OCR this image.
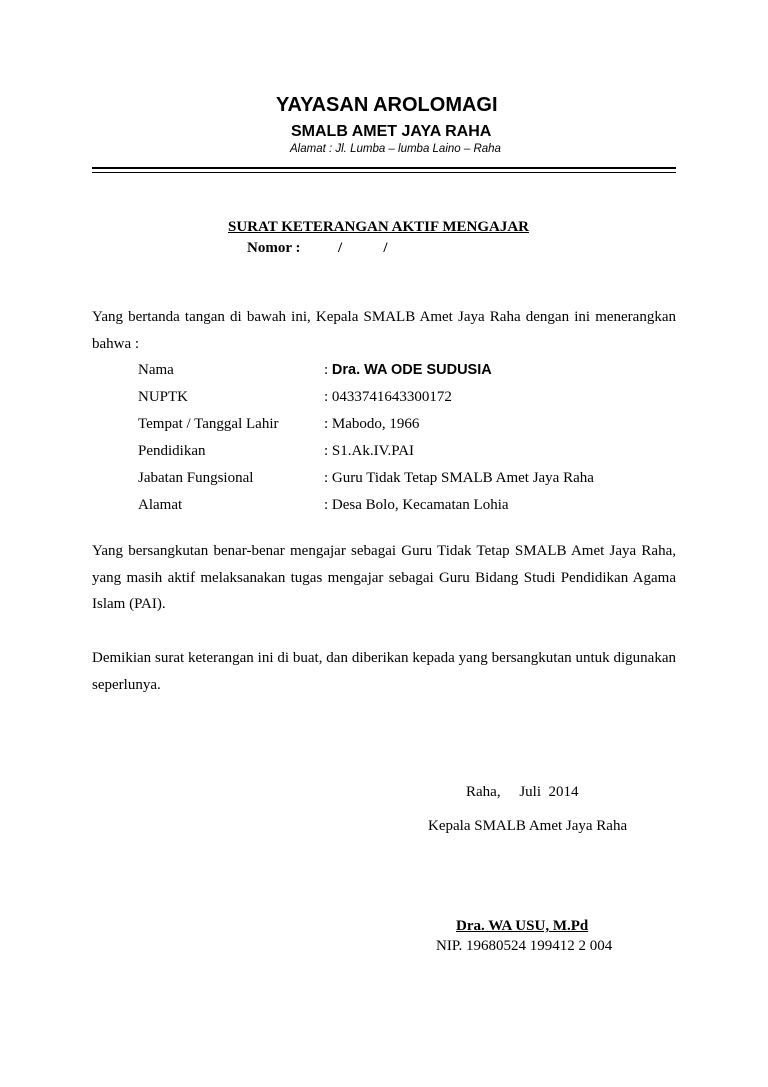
YAYASAN AROLOMAGI
SMALB AMET JAYA RAHA
Alamat : Jl. Lumba – lumba Laino – Raha
SURAT KETERANGAN AKTIF MENGAJAR
Nomor :          /           /
Yang bertanda tangan di bawah ini, Kepala SMALB Amet Jaya Raha dengan ini menerangkan bahwa :
Nama	: Dra. WA ODE SUDUSIA
NUPTK	: 0433741643300172
Tempat / Tanggal Lahir	: Mabodo, 1966
Pendidikan	: S1.Ak.IV.PAI
Jabatan Fungsional	: Guru Tidak Tetap SMALB Amet Jaya Raha
Alamat	: Desa Bolo, Kecamatan Lohia
Yang bersangkutan benar-benar mengajar sebagai Guru Tidak Tetap SMALB Amet Jaya Raha, yang masih aktif melaksanakan tugas mengajar sebagai Guru Bidang Studi Pendidikan Agama Islam (PAI).
Demikian surat keterangan ini di buat, dan diberikan kepada yang bersangkutan untuk digunakan seperlunya.
Raha,     Juli  2014
Kepala SMALB Amet Jaya Raha
Dra. WA USU, M.Pd
NIP. 19680524 199412 2 004
